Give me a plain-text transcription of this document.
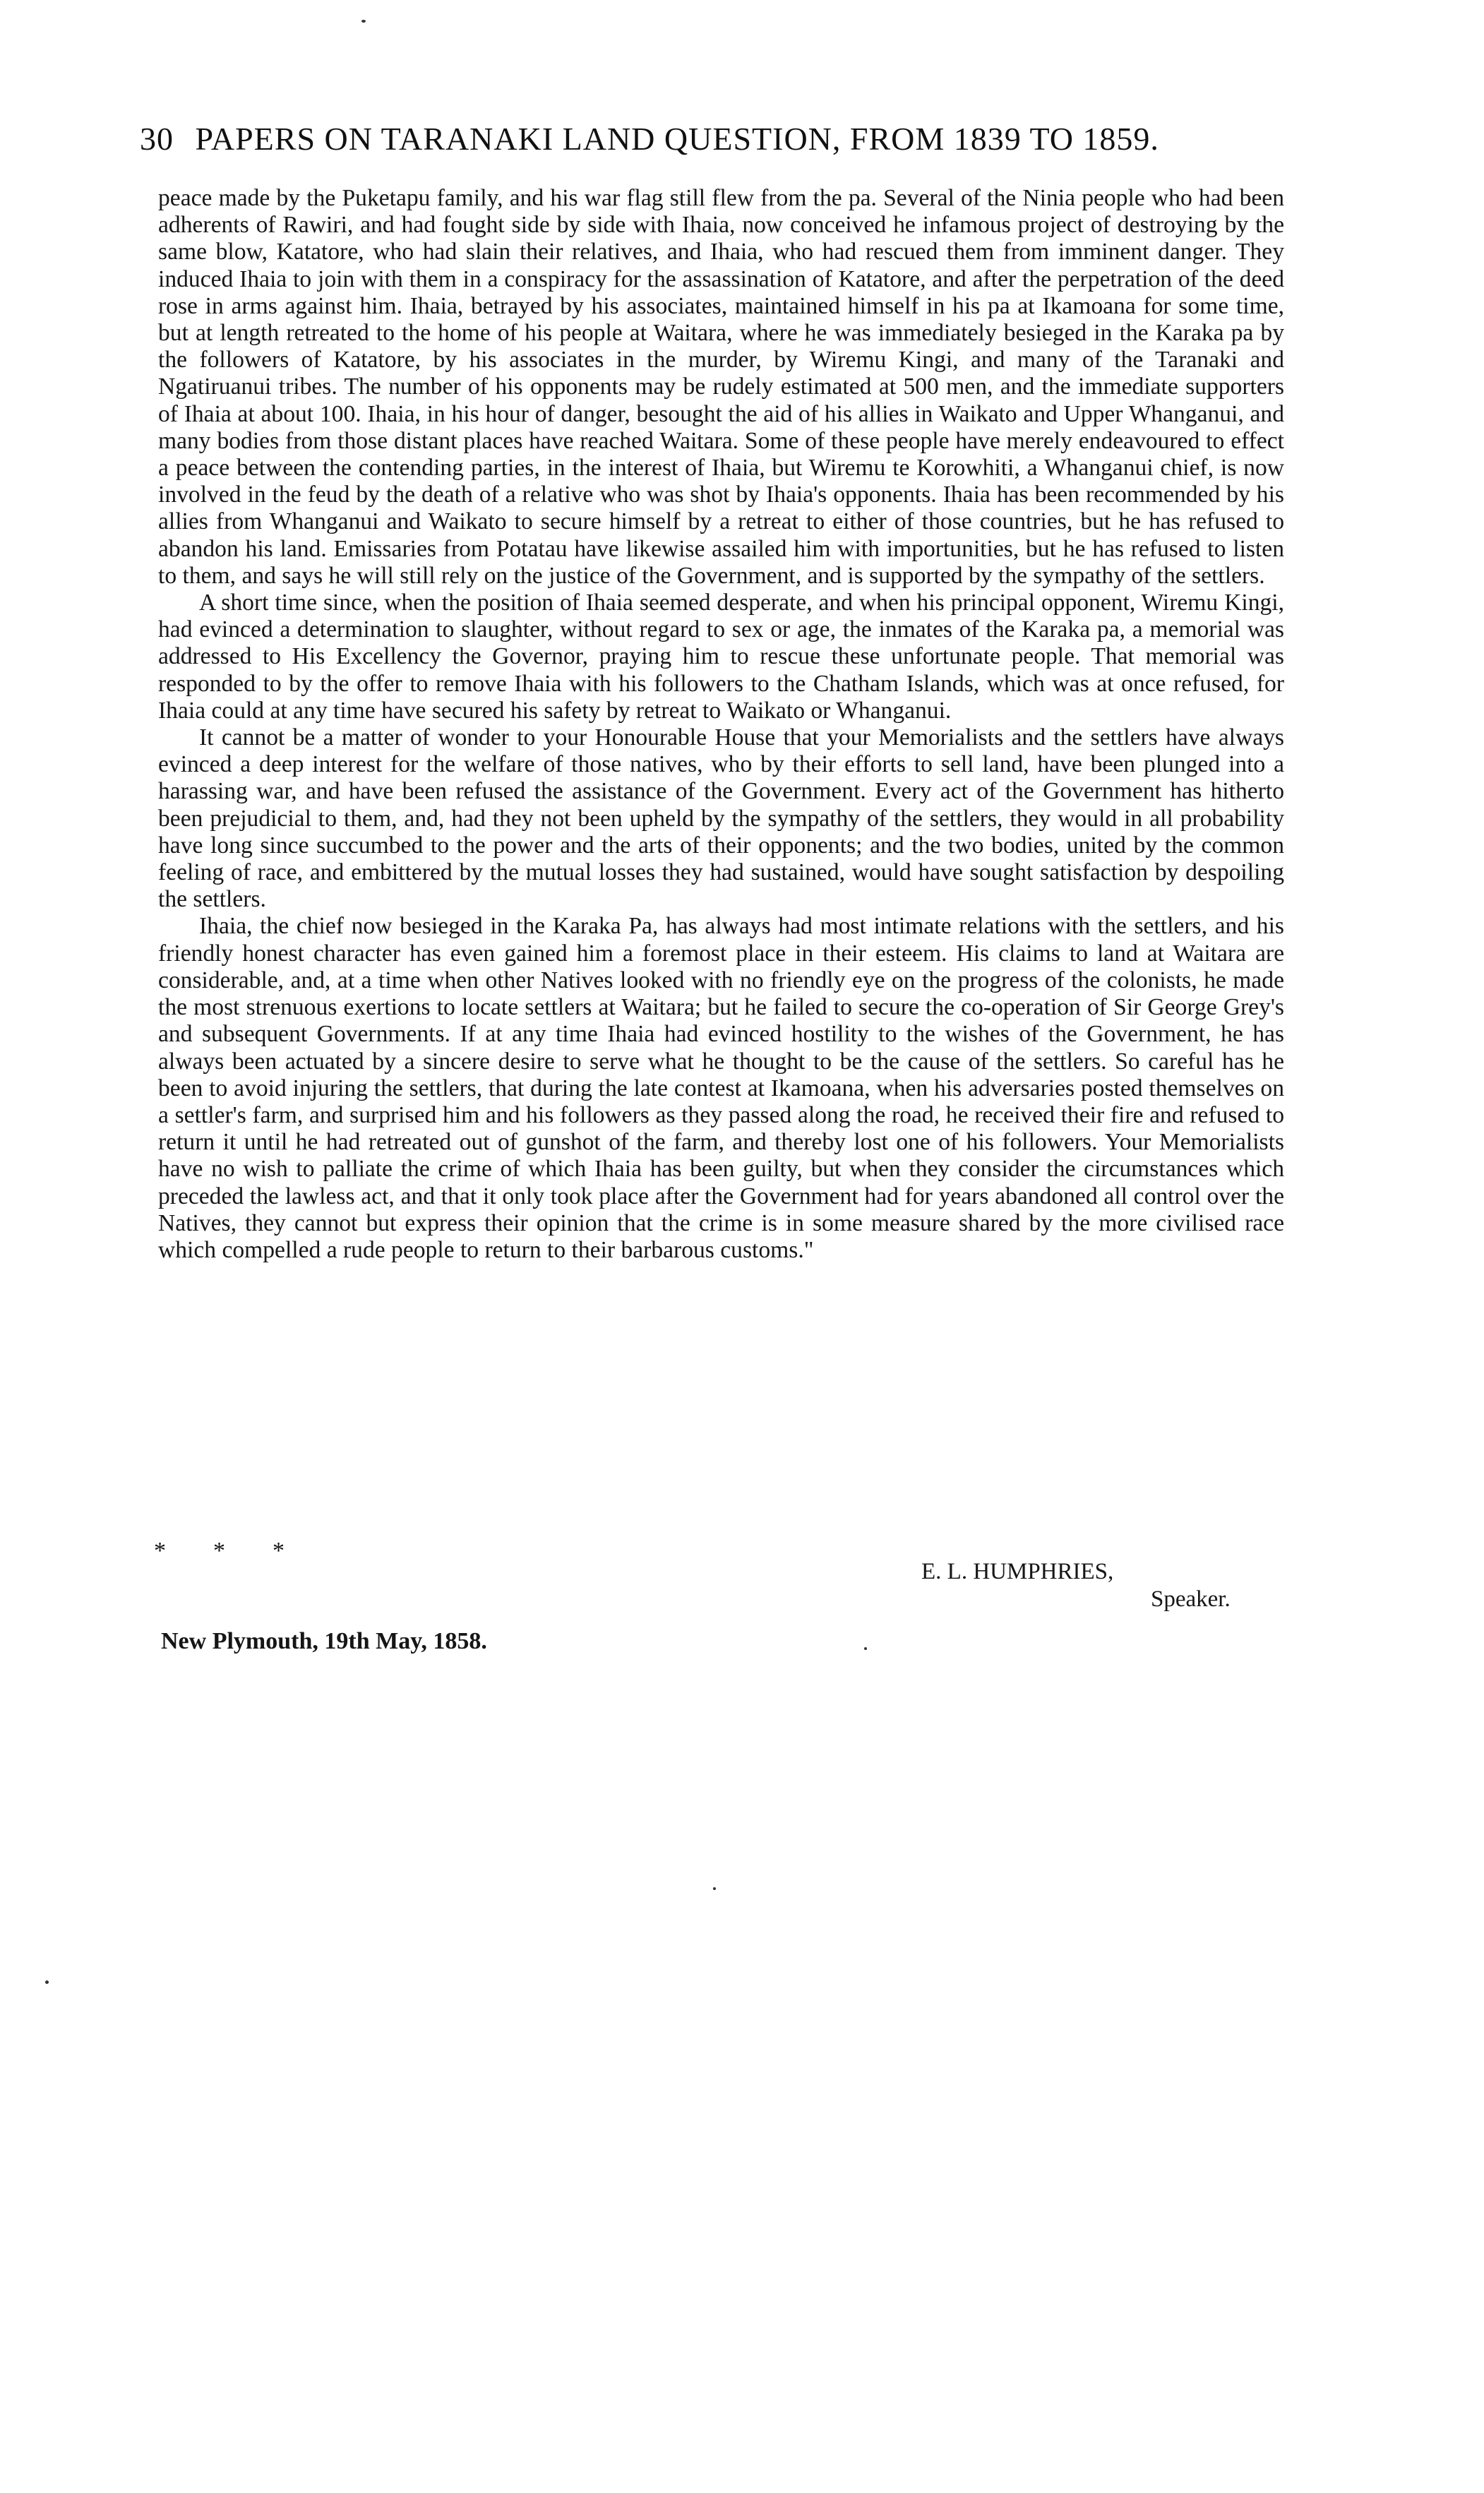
30 PAPERS ON TARANAKI LAND QUESTION, FROM 1839 TO 1859.

peace made by the Puketapu family, and his war flag still flew from the pa. Several of the Ninia people who had been adherents of Rawiri, and had fought side by side with Ihaia, now conceived he infamous project of destroying by the same blow, Katatore, who had slain their relatives, and Ihaia, who had rescued them from imminent danger. They induced Ihaia to join with them in a conspiracy for the assassination of Katatore, and after the perpetration of the deed rose in arms against him. Ihaia, betrayed by his associates, maintained himself in his pa at Ikamoana for some time, but at length retreated to the home of his people at Waitara, where he was immediately besieged in the Karaka pa by the followers of Katatore, by his associates in the murder, by Wiremu Kingi, and many of the Taranaki and Ngatiruanui tribes. The number of his opponents may be rudely estimated at 500 men, and the immediate supporters of Ihaia at about 100. Ihaia, in his hour of danger, besought the aid of his allies in Waikato and Upper Whanganui, and many bodies from those distant places have reached Waitara. Some of these people have merely endeavoured to effect a peace between the contending parties, in the interest of Ihaia, but Wiremu te Korowhiti, a Whanganui chief, is now involved in the feud by the death of a relative who was shot by Ihaia's opponents. Ihaia has been recommended by his allies from Whanganui and Waikato to secure himself by a retreat to either of those countries, but he has refused to abandon his land. Emissaries from Potatau have likewise assailed him with importunities, but he has refused to listen to them, and says he will still rely on the justice of the Government, and is supported by the sympathy of the settlers.

A short time since, when the position of Ihaia seemed desperate, and when his principal opponent, Wiremu Kingi, had evinced a determination to slaughter, without regard to sex or age, the inmates of the Karaka pa, a memorial was addressed to His Excellency the Governor, praying him to rescue these unfortunate people. That memorial was responded to by the offer to remove Ihaia with his followers to the Chatham Islands, which was at once refused, for Ihaia could at any time have secured his safety by retreat to Waikato or Whanganui.

It cannot be a matter of wonder to your Honourable House that your Memorialists and the settlers have always evinced a deep interest for the welfare of those natives, who by their efforts to sell land, have been plunged into a harassing war, and have been refused the assistance of the Government. Every act of the Government has hitherto been prejudicial to them, and, had they not been upheld by the sympathy of the settlers, they would in all probability have long since succumbed to the power and the arts of their opponents; and the two bodies, united by the common feeling of race, and embittered by the mutual losses they had sustained, would have sought satisfaction by despoiling the settlers.

Ihaia, the chief now besieged in the Karaka Pa, has always had most intimate relations with the settlers, and his friendly honest character has even gained him a foremost place in their esteem. His claims to land at Waitara are considerable, and, at a time when other Natives looked with no friendly eye on the progress of the colonists, he made the most strenuous exertions to locate settlers at Waitara; but he failed to secure the co-operation of Sir George Grey's and subsequent Governments. If at any time Ihaia had evinced hostility to the wishes of the Government, he has always been actuated by a sincere desire to serve what he thought to be the cause of the settlers. So careful has he been to avoid injuring the settlers, that during the late contest at Ikamoana, when his adversaries posted themselves on a settler's farm, and surprised him and his followers as they passed along the road, he received their fire and refused to return it until he had retreated out of gunshot of the farm, and thereby lost one of his followers. Your Memorialists have no wish to palliate the crime of which Ihaia has been guilty, but when they consider the circumstances which preceded the lawless act, and that it only took place after the Government had for years abandoned all control over the Natives, they cannot but express their opinion that the crime is in some measure shared by the more civilised race which compelled a rude people to return to their barbarous customs."

* * *
E. L. HUMPHRIES,
Speaker.
New Plymouth, 19th May, 1858.
